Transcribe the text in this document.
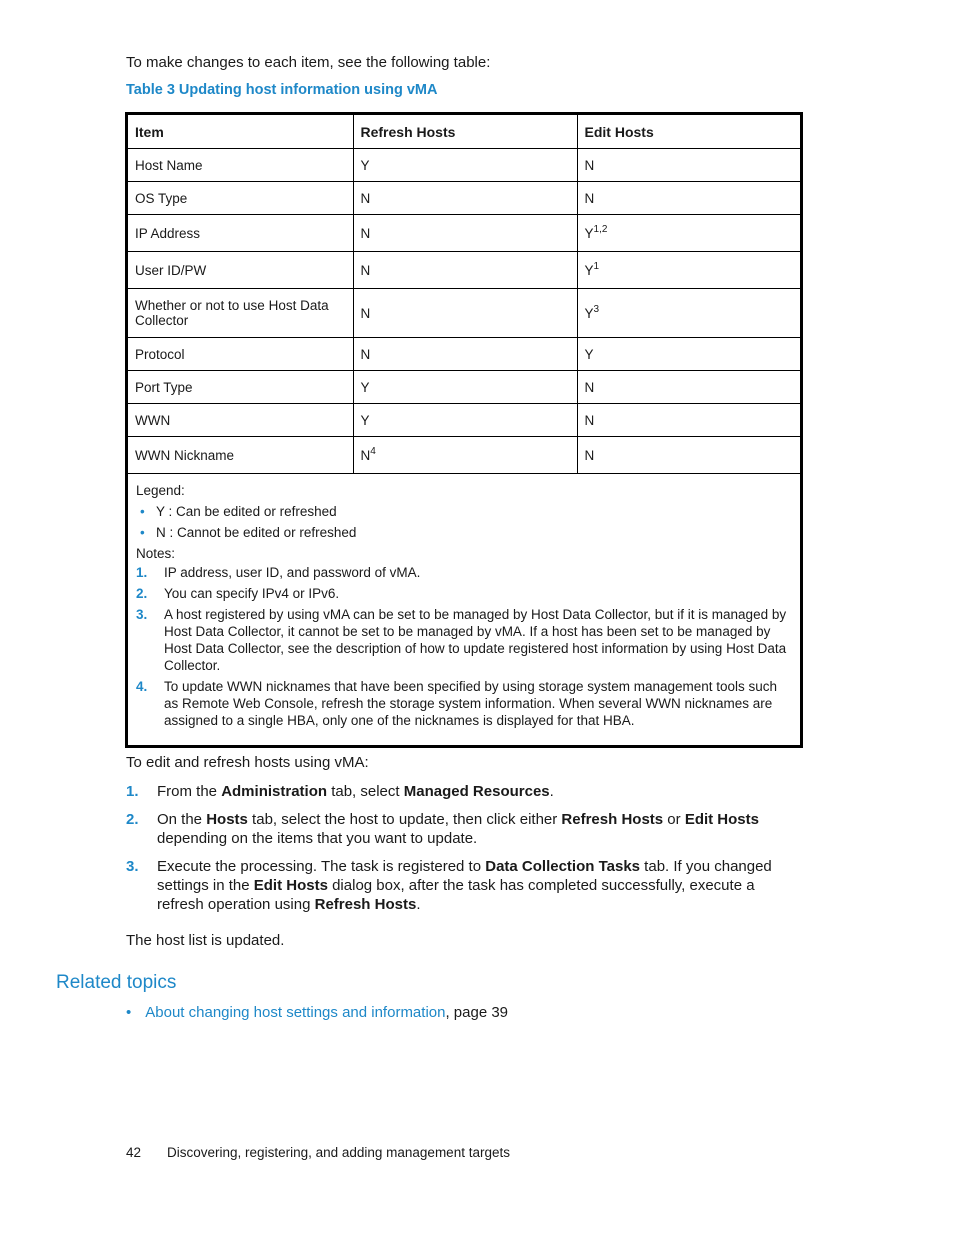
To make changes to each item, see the following table:
Table 3 Updating host information using vMA
Item	Refresh Hosts	Edit Hosts
Host Name	Y	N
OS Type	N	N
IP Address	N	Y$^{1,2}$
User ID/PW	N	$Y^1$
Whether or not to use Host Data Collector	N	$Y^3$
Protocol	N	Y
Port Type	Y	N
WWN	Y	N
WWN Nickname	$N^4$	N
Legend:
• Y : Can be edited or refreshed
• N : Cannot be edited or refreshed
Notes:
1. IP address, user ID, and password of vMA.
2. You can specify IPv4 or IPv6.
3. A host registered by using vMA can be set to be managed by Host Data Collector, but if it is managed by Host Data Collector, it cannot be set to be managed by vMA. If a host has been set to be managed by Host Data Collector, see the description of how to update registered host information by using Host Data Collector.
4. To update WWN nicknames that have been specified by using storage system management tools such as Remote Web Console, refresh the storage system information. When several WWN nicknames are assigned to a single HBA, only one of the nicknames is displayed for that HBA.
To edit and refresh hosts using vMA:
1. From the Administration tab, select Managed Resources.
2. On the Hosts tab, select the host to update, then click either Refresh Hosts or Edit Hosts depending on the items that you want to update.
3. Execute the processing. The task is registered to Data Collection Tasks tab. If you changed settings in the Edit Hosts dialog box, after the task has completed successfully, execute a refresh operation using Refresh Hosts.
The host list is updated.
Related topics
• About changing host settings and information, page 39
42 Discovering, registering, and adding management targets
